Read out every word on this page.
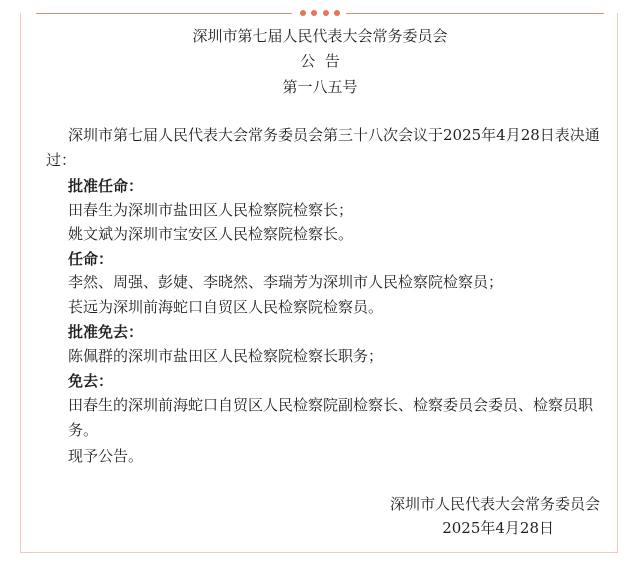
深圳市第七届人民代表大会常务委员会

公  告

第一八五号

深圳市第七届人民代表大会常务委员会第三十八次会议于2025年4月28日表决通过：

批准任命：

田春生为深圳市盐田区人民检察院检察长；

姚文斌为深圳市宝安区人民检察院检察长。

任命：

李然、周强、彭婕、李晓然、李瑞芳为深圳市人民检察院检察员；

苌远为深圳前海蛇口自贸区人民检察院检察员。

批准免去：

陈佩群的深圳市盐田区人民检察院检察长职务；

免去：

田春生的深圳前海蛇口自贸区人民检察院副检察长、检察委员会委员、检察员职务。

现予公告。

深圳市人民代表大会常务委员会

2025年4月28日
